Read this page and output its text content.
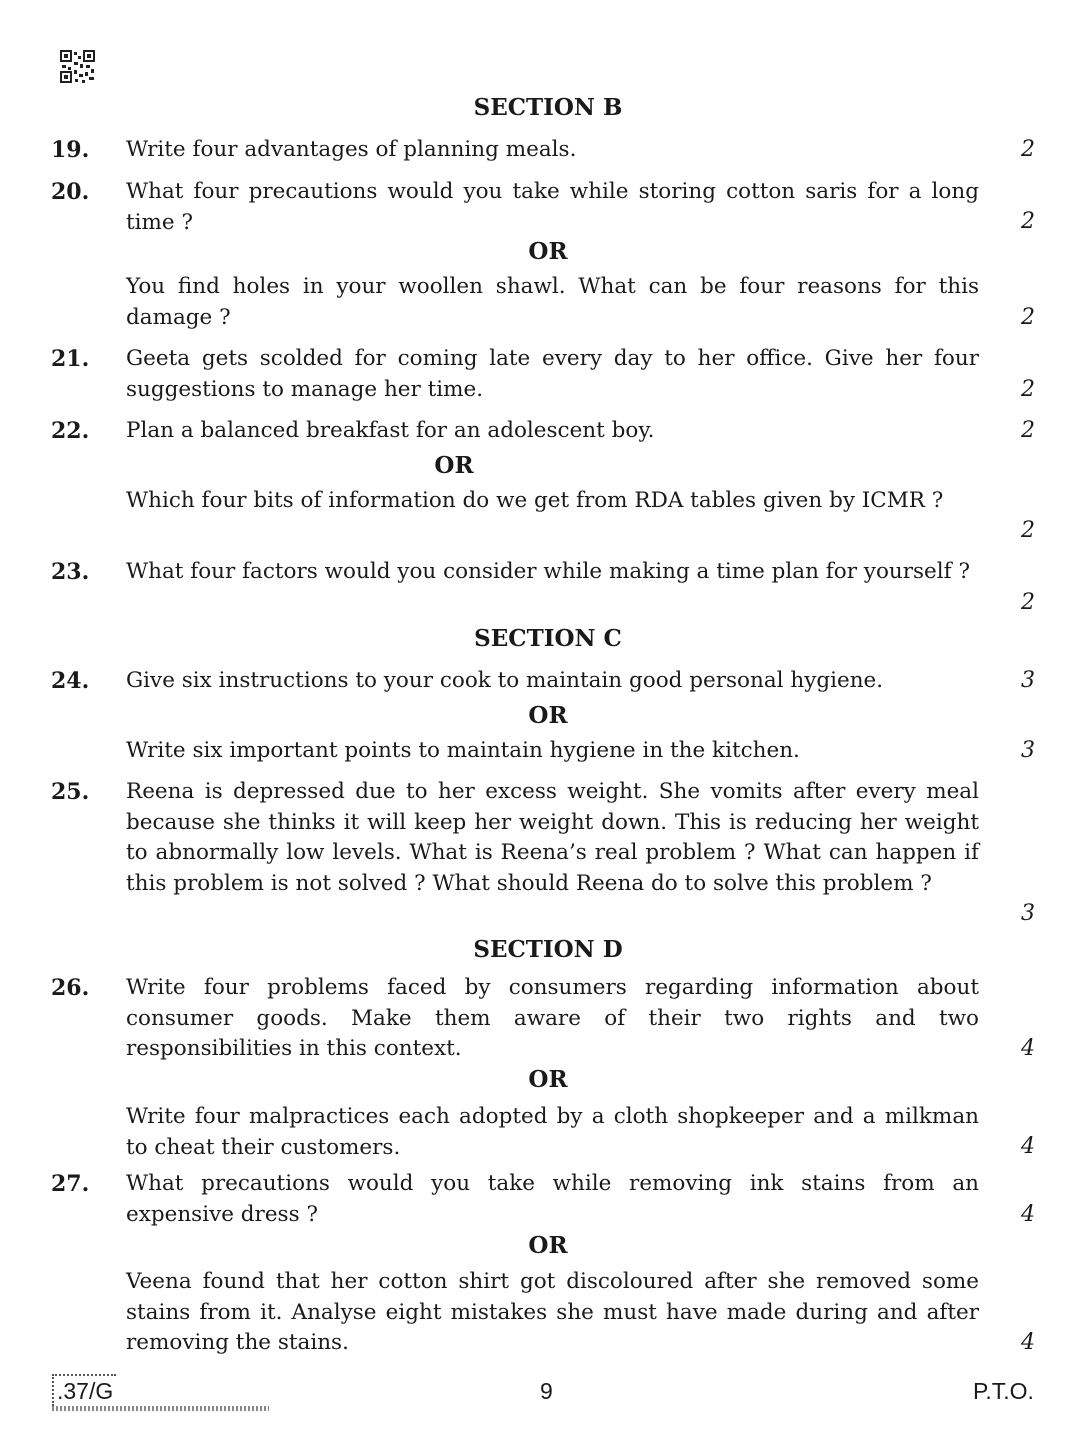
SECTION B
19. Write four advantages of planning meals.	2
20. What four precautions would you take while storing cotton saris for a long time ?	2
OR
You find holes in your woollen shawl. What can be four reasons for this damage ?	2
21. Geeta gets scolded for coming late every day to her office. Give her four suggestions to manage her time.	2
22. Plan a balanced breakfast for an adolescent boy.	2
OR
Which four bits of information do we get from RDA tables given by ICMR ?
2
23. What four factors would you consider while making a time plan for yourself ?
2
SECTION C
24. Give six instructions to your cook to maintain good personal hygiene.	3
OR
Write six important points to maintain hygiene in the kitchen.	3
25. Reena is depressed due to her excess weight. She vomits after every meal because she thinks it will keep her weight down. This is reducing her weight to abnormally low levels. What is Reena’s real problem ? What can happen if this problem is not solved ? What should Reena do to solve this problem ?
3
SECTION D
26. Write four problems faced by consumers regarding information about consumer goods. Make them aware of their two rights and two responsibilities in this context.	4
OR
Write four malpractices each adopted by a cloth shopkeeper and a milkman to cheat their customers.	4
27. What precautions would you take while removing ink stains from an expensive dress ?	4
OR
Veena found that her cotton shirt got discoloured after she removed some stains from it. Analyse eight mistakes she must have made during and after removing the stains.	4
.37/G	9	P.T.O.
